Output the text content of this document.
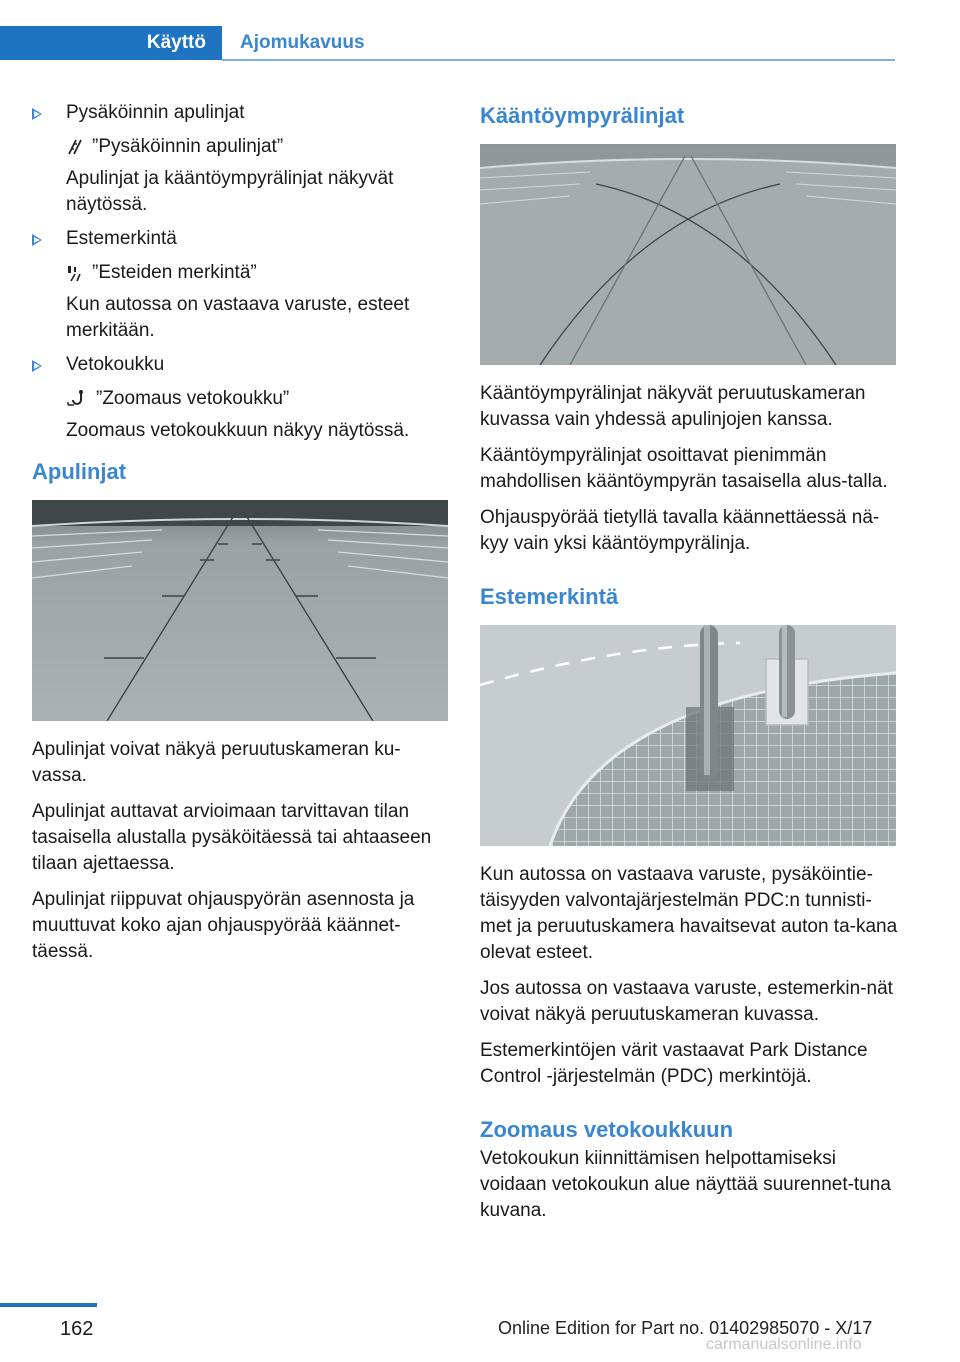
Käyttö	Ajomukavuus

Pysäköinnin apulinjat

”Pysäköinnin apulinjat”

Apulinjat ja kääntöympyrälinjat näkyvät näytössä.

Estemerkintä

”Esteiden merkintä”

Kun autossa on vastaava varuste, esteet merkitään.

Vetokoukku

”Zoomaus vetokoukku”

Zoomaus vetokoukkuun näkyy näytössä.

Apulinjat

Apulinjat voivat näkyä peruutuskameran ku-vassa.

Apulinjat auttavat arvioimaan tarvittavan tilan tasaisella alustalla pysäköitäessä tai ahtaaseen tilaan ajettaessa.

Apulinjat riippuvat ohjauspyörän asennosta ja muuttuvat koko ajan ohjauspyörää käännet-täessä.

Kääntöympyrälinjat

Kääntöympyrälinjat näkyvät peruutuskameran kuvassa vain yhdessä apulinjojen kanssa.

Kääntöympyrälinjat osoittavat pienimmän mahdollisen kääntöympyrän tasaisella alus-talla.

Ohjauspyörää tietyllä tavalla käännettäessä nä-kyy vain yksi kääntöympyrälinja.

Estemerkintä

Kun autossa on vastaava varuste, pysäköintie-täisyyden valvontajärjestelmän PDC:n tunnisti-met ja peruutuskamera havaitsevat auton ta-kana olevat esteet.

Jos autossa on vastaava varuste, estemerkin-nät voivat näkyä peruutuskameran kuvassa.

Estemerkintöjen värit vastaavat Park Distance Control -järjestelmän (PDC) merkintöjä.

Zoomaus vetokoukkuun

Vetokoukun kiinnittämisen helpottamiseksi voidaan vetokoukun alue näyttää suurennet-tuna kuvana.

162	Online Edition for Part no. 01402985070 - X/17
carmanualsonline.info
